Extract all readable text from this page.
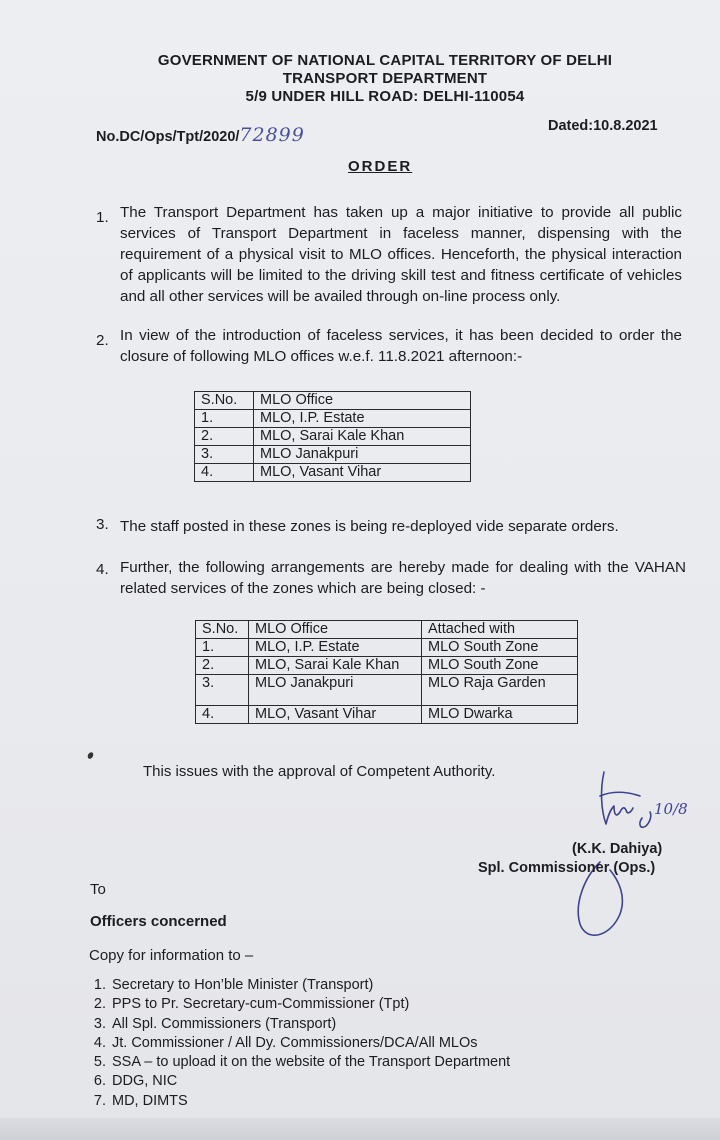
GOVERNMENT OF NATIONAL CAPITAL TERRITORY OF DELHI
TRANSPORT DEPARTMENT
5/9 UNDER HILL ROAD: DELHI-110054
No.DC/Ops/Tpt/2020/72899	Dated:10.8.2021
ORDER
1. The Transport Department has taken up a major initiative to provide all public services of Transport Department in faceless manner, dispensing with the requirement of a physical visit to MLO offices. Henceforth, the physical interaction of applicants will be limited to the driving skill test and fitness certificate of vehicles and all other services will be availed through on-line process only.
2. In view of the introduction of faceless services, it has been decided to order the closure of following MLO offices w.e.f. 11.8.2021 afternoon:-
S.No.	MLO Office
1.	MLO, I.P. Estate
2.	MLO, Sarai Kale Khan
3.	MLO Janakpuri
4.	MLO, Vasant Vihar
3. The staff posted in these zones is being re-deployed vide separate orders.
4. Further, the following arrangements are hereby made for dealing with the VAHAN related services of the zones which are being closed: -
S.No.	MLO Office	Attached with
1.	MLO, I.P. Estate	MLO South Zone
2.	MLO, Sarai Kale Khan	MLO South Zone
3.	MLO Janakpuri	MLO Raja Garden
4.	MLO, Vasant Vihar	MLO Dwarka
This issues with the approval of Competent Authority.
10/8
(K.K. Dahiya)
Spl. Commissioner (Ops.)
To
Officers concerned
Copy for information to –
1. Secretary to Hon’ble Minister (Transport)
2. PPS to Pr. Secretary-cum-Commissioner (Tpt)
3. All Spl. Commissioners (Transport)
4. Jt. Commissioner / All Dy. Commissioners/DCA/All MLOs
5. SSA – to upload it on the website of the Transport Department
6. DDG, NIC
7. MD, DIMTS
